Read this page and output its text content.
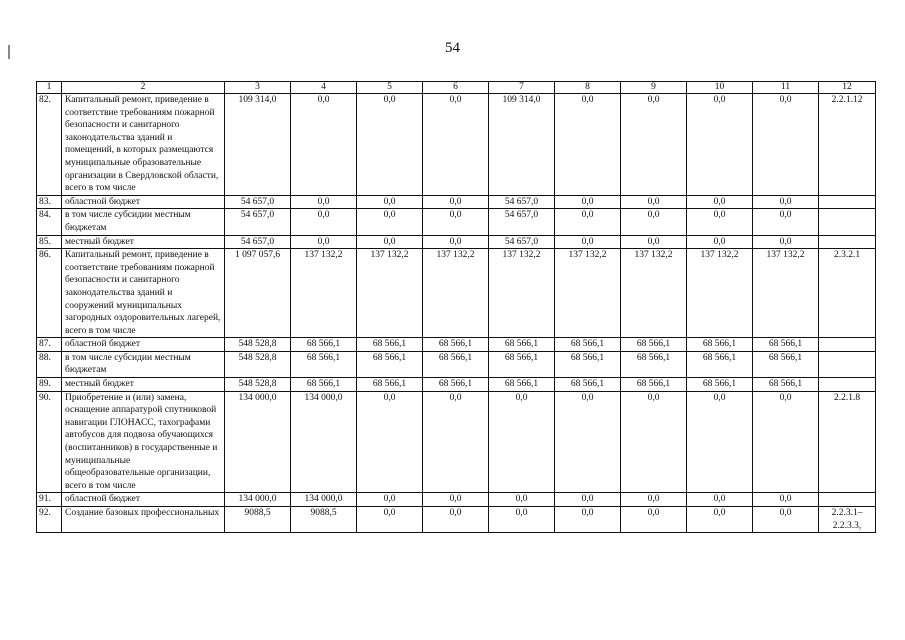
54
1	2	3	4	5	6	7	8	9	10	11	12
82.	Капитальный ремонт, приведение в соответствие требованиям пожарной безопасности и санитарного законодательства зданий и помещений, в которых размещаются муниципальные образовательные организации в Свердловской области, всего в том числе	109 314,0	0,0	0,0	0,0	109 314,0	0,0	0,0	0,0	0,0	2.2.1.12
83.	областной бюджет	54 657,0	0,0	0,0	0,0	54 657,0	0,0	0,0	0,0	0,0	
84.	в том числе субсидии местным бюджетам	54 657,0	0,0	0,0	0,0	54 657,0	0,0	0,0	0,0	0,0	
85.	местный бюджет	54 657,0	0,0	0,0	0,0	54 657,0	0,0	0,0	0,0	0,0	
86.	Капитальный ремонт, приведение в соответствие требованиям пожарной безопасности и санитарного законодательства зданий и сооружений муниципальных загородных оздоровительных лагерей, всего в том числе	1 097 057,6	137 132,2	137 132,2	137 132,2	137 132,2	137 132,2	137 132,2	137 132,2	137 132,2	2.3.2.1
87.	областной бюджет	548 528,8	68 566,1	68 566,1	68 566,1	68 566,1	68 566,1	68 566,1	68 566,1	68 566,1	
88.	в том числе субсидии местным бюджетам	548 528,8	68 566,1	68 566,1	68 566,1	68 566,1	68 566,1	68 566,1	68 566,1	68 566,1	
89.	местный бюджет	548 528,8	68 566,1	68 566,1	68 566,1	68 566,1	68 566,1	68 566,1	68 566,1	68 566,1	
90.	Приобретение и (или) замена, оснащение аппаратурой спутниковой навигации ГЛОНАСС, тахографами автобусов для подвоза обучающихся (воспитанников) в государственные и муниципальные общеобразовательные организации, всего в том числе	134 000,0	134 000,0	0,0	0,0	0,0	0,0	0,0	0,0	0,0	2.2.1.8
91.	областной бюджет	134 000,0	134 000,0	0,0	0,0	0,0	0,0	0,0	0,0	0,0	
92.	Создание базовых профессиональных	9088,5	9088,5	0,0	0,0	0,0	0,0	0,0	0,0	0,0	2.2.3.1– 2.2.3.3,
